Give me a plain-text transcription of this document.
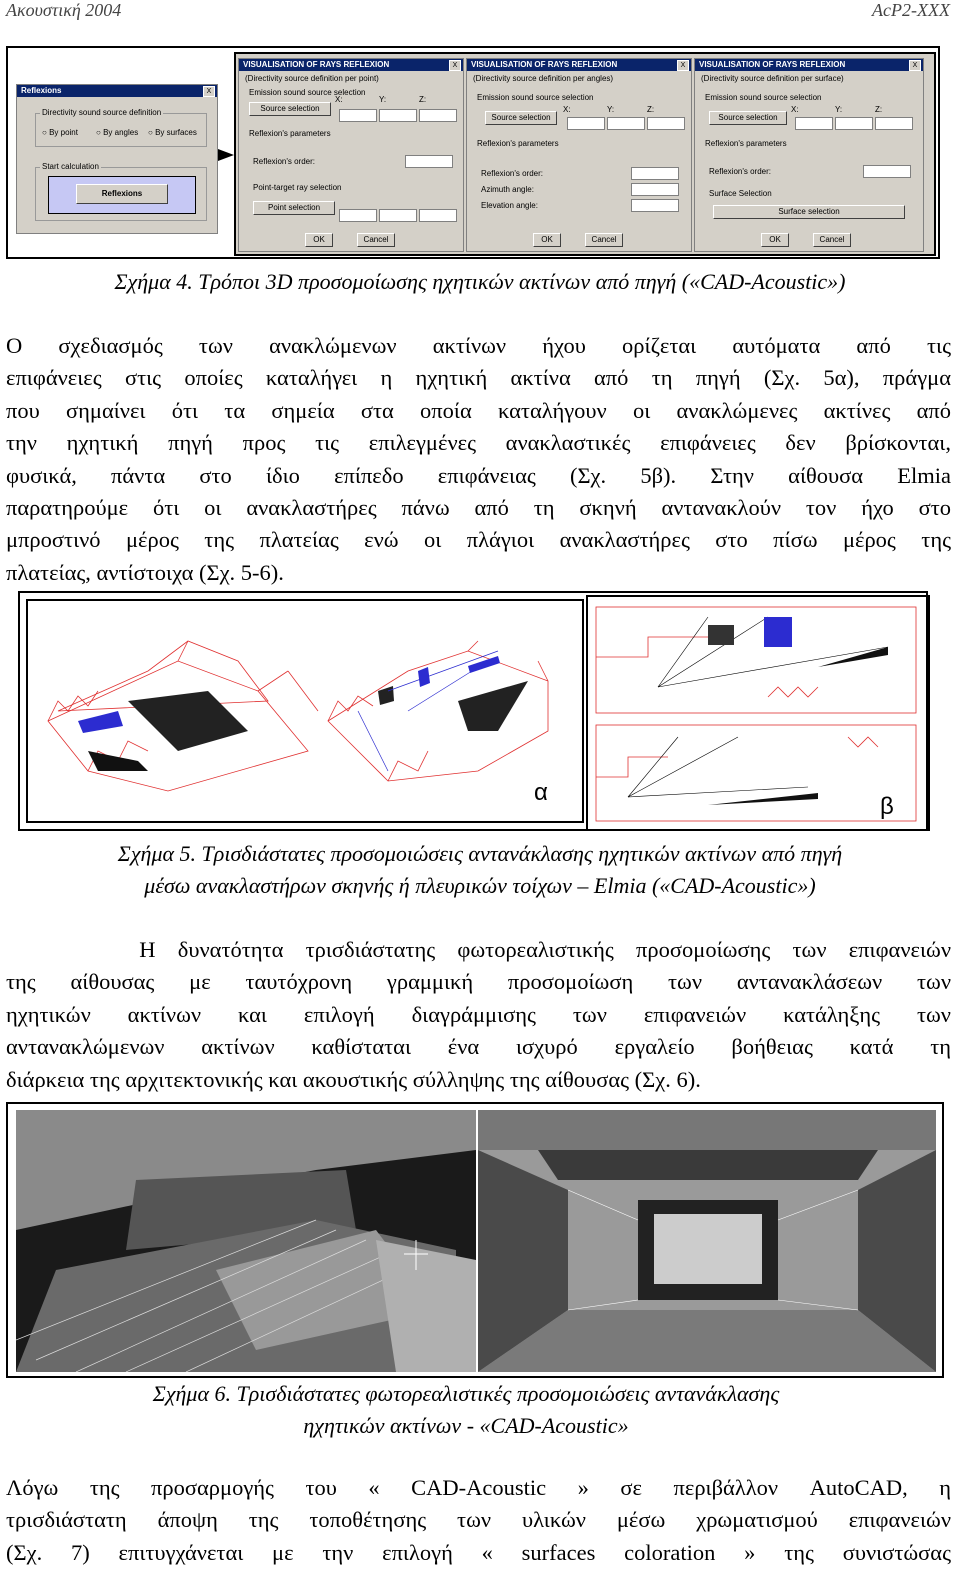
Ακουστική 2004	AcP2-XXX
Reflexions	X
Directivity sound source definition
○ By point ○ By angles ○ By surfaces
Start calculation
Reflexions
VISUALISATION OF RAYS REFLEXION	X
(Directivity source definition per point)
Emission sound source selection
Source selection
X:	Y:	Z:
Reflexion's parameters
Reflexion's order:
Point-target ray selection
Point selection
OK	Cancel
VISUALISATION OF RAYS REFLEXION	X
(Directivity source definition per angles)
Emission sound source selection
Source selection
X:	Y:	Z:
Reflexion's parameters
Reflexion's order:
Azimuth angle:
Elevation angle:
OK	Cancel
VISUALISATION OF RAYS REFLEXION	X
(Directivity source definition per surface)
Emission sound source selection
Source selection
X:	Y:	Z:
Reflexion's parameters
Reflexion's order:
Surface Selection
Surface selection
OK	Cancel
Σχήμα 4. Τρόποι 3D προσομοίωσης ηχητικών ακτίνων από πηγή («CAD-Acoustic»)
Ο σχεδιασμός των ανακλώμενων ακτίνων ήχου ορίζεται αυτόματα από τις
επιφάνειες στις οποίες καταλήγει η ηχητική ακτίνα από τη πηγή (Σχ. 5α), πράγμα
που σημαίνει ότι τα σημεία στα οποία καταλήγουν οι ανακλώμενες ακτίνες από
την ηχητική πηγή προς τις επιλεγμένες ανακλαστικές επιφάνειες δεν βρίσκονται,
φυσικά, πάντα στο ίδιο επίπεδο επιφάνειας (Σχ. 5β). Στην αίθουσα Elmia
παρατηρούμε ότι οι ανακλαστήρες πάνω από τη σκηνή αντανακλούν τον ήχο στο
μπροστινό μέρος της πλατείας ενώ οι πλάγιοι ανακλαστήρες στο πίσω μέρος της
πλατείας, αντίστοιχα (Σχ. 5-6).
α
β
Σχήμα 5. Τρισδιάστατες προσομοιώσεις αντανάκλασης ηχητικών ακτίνων από πηγή
μέσω ανακλαστήρων σκηνής ή πλευρικών τοίχων – Elmia («CAD-Acoustic»)
Η δυνατότητα τρισδιάστατης φωτορεαλιστικής προσομοίωσης των επιφανειών
της αίθουσας με ταυτόχρονη γραμμική προσομοίωση των αντανακλάσεων των
ηχητικών ακτίνων και επιλογή διαγράμμισης των επιφανειών κατάληξης των
αντανακλώμενων ακτίνων καθίσταται ένα ισχυρό εργαλείο βοήθειας κατά τη
διάρκεια της αρχιτεκτονικής και ακουστικής σύλληψης της αίθουσας (Σχ. 6).
Σχήμα 6. Τρισδιάστατες φωτορεαλιστικές προσομοιώσεις αντανάκλασης
ηχητικών ακτίνων - «CAD-Acoustic»
Λόγω της προσαρμογής του « CAD-Acoustic » σε περιβάλλον AutoCAD, η
τρισδιάστατη άποψη της τοποθέτησης των υλικών μέσω χρωματισμού επιφανειών
(Σχ. 7) επιτυγχάνεται με την επιλογή « surfaces coloration » της συνιστώσας
